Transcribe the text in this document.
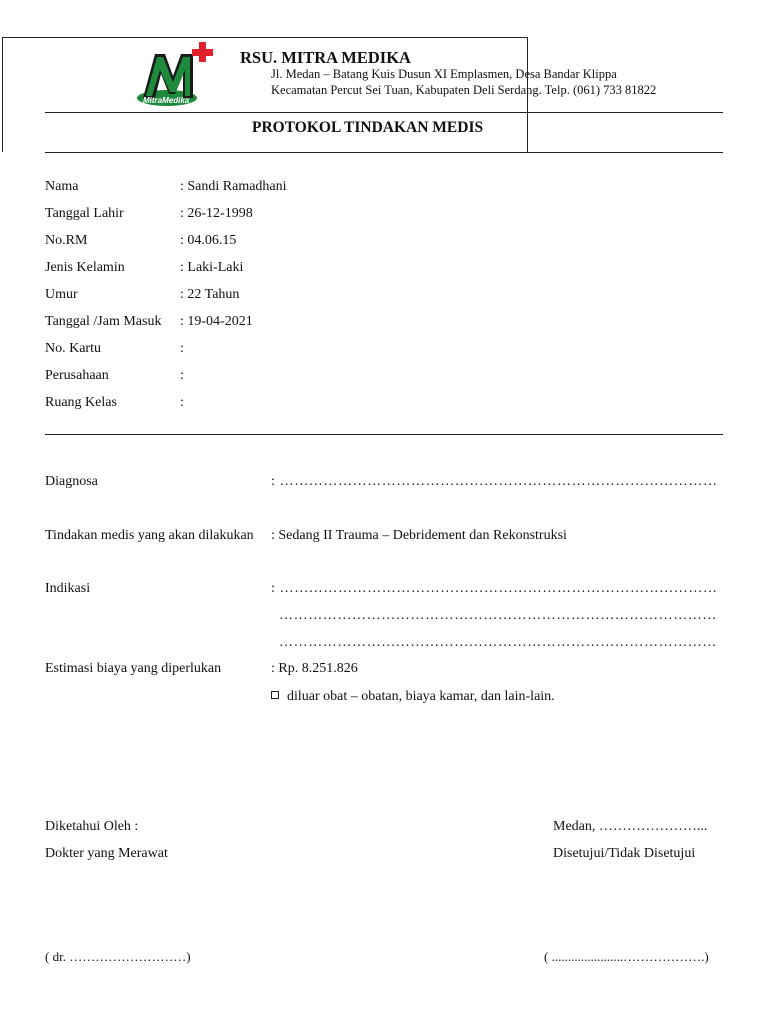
MitraMedika
RSU. MITRA MEDIKA
Jl. Medan – Batang Kuis Dusun XI Emplasmen, Desa Bandar Klippa
Kecamatan Percut Sei Tuan, Kabupaten Deli Serdang. Telp. (061) 733 81822
PROTOKOL TINDAKAN MEDIS
Nama	: Sandi Ramadhani
Tanggal Lahir	: 26-12-1998
No.RM	: 04.06.15
Jenis Kelamin	: Laki-Laki
Umur	: 22 Tahun
Tanggal /Jam Masuk	: 19-04-2021
No. Kartu	:
Perusahaan	:
Ruang Kelas	:
Diagnosa	: ………………………………………………………………………………
Tindakan medis yang akan dilakukan : Sedang II Trauma – Debridement dan Rekonstruksi
Indikasi	: ………………………………………………………………………………
………………………………………………………………………………
………………………………………………………………………………
Estimasi biaya yang diperlukan	: Rp. 8.251.826
diluar obat – obatan, biaya kamar, dan lain-lain.
Diketahui Oleh :
Dokter yang Merawat
( dr. ………………………)
Medan, …………………...
Disetujui/Tidak Disetujui
( ......................……………….)
